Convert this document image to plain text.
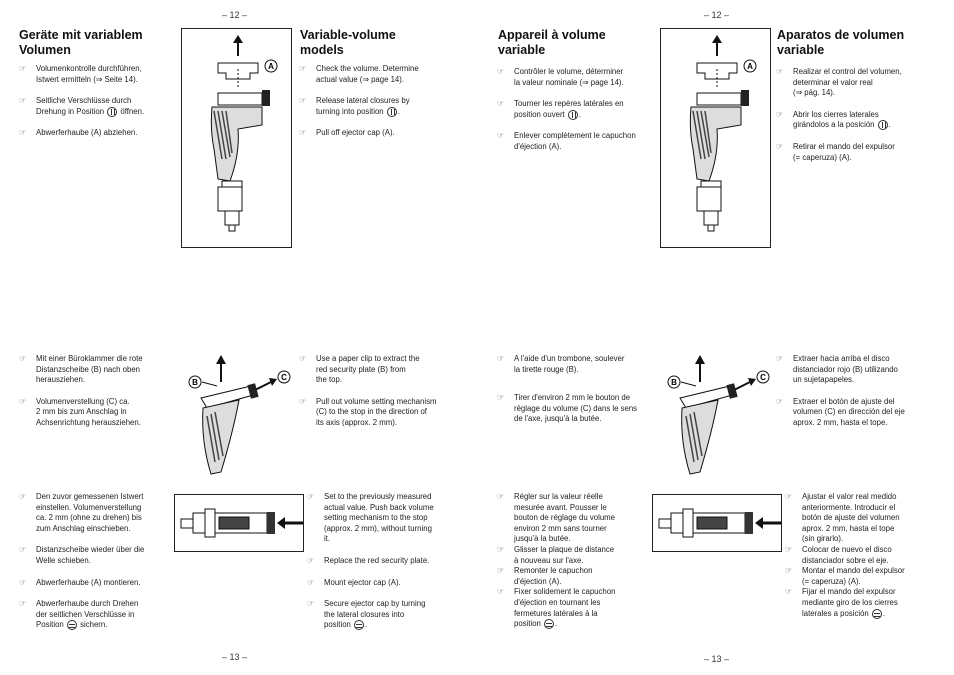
– 12 –	– 12 –
– 13 –	– 13 –
Geräte mit variablem
Volumen
Variable-volume
models
Appareil à volume
variable
Aparatos de volumen
variable
A	A
B
C
B
C
☞ Volumenkontrolle durchführen,
Istwert ermitteln (⇒ Seite 14).
☞ Seitliche Verschlüsse durch
Drehung in Position öffnen.
☞ Abwerferhaube (A) abziehen.
☞ Check the volume. Determine
actual value (⇒ page 14).
☞ Release lateral closures by
turning into position .
☞ Pull off ejector cap (A).
☞ Contrôler le volume, déterminer
la valeur nominale (⇒ page 14).
☞ Tourner les repères latérales en
position ouvert .
☞ Enlever complètement le capuchon
d'éjection (A).
☞ Realizar el control del volumen,
determinar el valor real
(⇒ pág. 14).
☞ Abrir los cierres laterales
girándolos a la posición .
☞ Retirar el mando del expulsor
(= caperuza) (A).
☞ Mit einer Büroklammer die rote
Distanzscheibe (B) nach oben
herausziehen.
☞ Volumenverstellung (C) ca.
2 mm bis zum Anschlag in
Achsenrichtung herausziehen.
☞ Use a paper clip to extract the
red security plate (B) from
the top.
☞ Pull out volume setting mechanism
(C) to the stop in the direction of
its axis (approx. 2 mm).
☞ A l'aide d'un trombone, soulever
la tirette rouge (B).
☞ Tirer d'environ 2 mm le bouton de
réglage du volume (C) dans le sens
de l'axe, jusqu'à la butée.
☞ Extraer hacia arriba el disco
distanciador rojo (B) utilizando
un sujetapapeles.
☞ Extraer el botón de ajuste del
volumen (C) en dirección del eje
aprox. 2 mm, hasta el tope.
☞ Den zuvor gemessenen Istwert
einstellen. Volumenverstellung
ca. 2 mm (ohne zu drehen) bis
zum Anschlag einschieben.
☞ Distanzscheibe wieder über die
Welle schieben.
☞ Abwerferhaube (A) montieren.
☞ Abwerferhaube durch Drehen
der seitlichen Verschlüsse in
Position sichern.
☞ Set to the previously measured
actual value. Push back volume
setting mechanism to the stop
(approx. 2 mm), without turning
it.
☞ Replace the red security plate.
☞ Mount ejector cap (A).
☞ Secure ejector cap by turning
the lateral closures into
position .
☞ Régler sur la valeur réelle
mesurée avant. Pousser le
bouton de réglage du volume
environ 2 mm sans tourner
jusqu'à la butée.
☞ Glisser la plaque de distance
à nouveau sur l'axe.
☞ Remonter le capuchon
d'éjection (A).
☞ Fixer solidement le capuchon
d'éjection en tournant les
fermetures latérales à la
position .
☞ Ajustar el valor real medido
anteriormente. Introducir el
botón de ajuste del volumen
aprox. 2 mm, hasta el tope
(sin girarlo).
☞ Colocar de nuevo el disco
distanciador sobre el eje.
☞ Montar el mando del expulsor
(= caperuza) (A).
☞ Fijar el mando del expulsor
mediante giro de los cierres
laterales a posición .
